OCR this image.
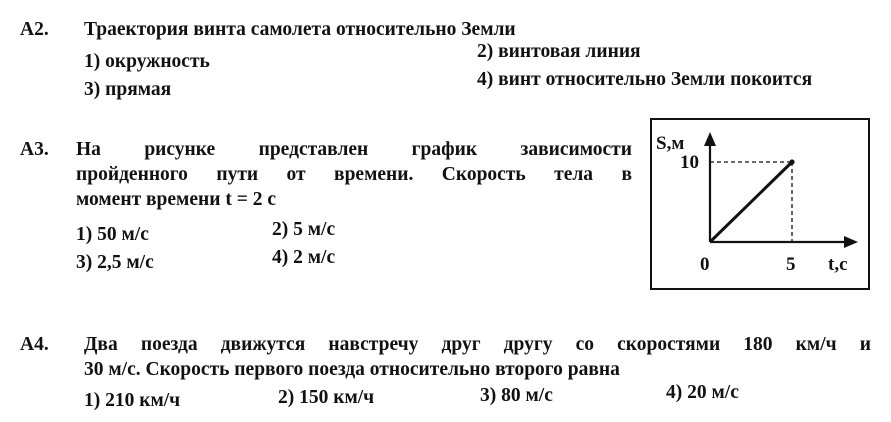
A2. Траектория винта самолета относительно Земли
1) окружность	2) винтовая линия
3) прямая	4) винт относительно Земли покоится
A3. На рисунке представлен график зависимости
пройденного пути от времени. Скорость тела в
момент времени t = 2 с
1) 50 м/с	2) 5 м/с
3) 2,5 м/с	4) 2 м/с
S,м
10
0	5 t,с
A4. Два поезда движутся навстречу друг другу со скоростями 180 км/ч и
30 м/с. Скорость первого поезда относительно второго равна
1) 210 км/ч	2) 150 км/ч	3) 80 м/с	4) 20 м/с
